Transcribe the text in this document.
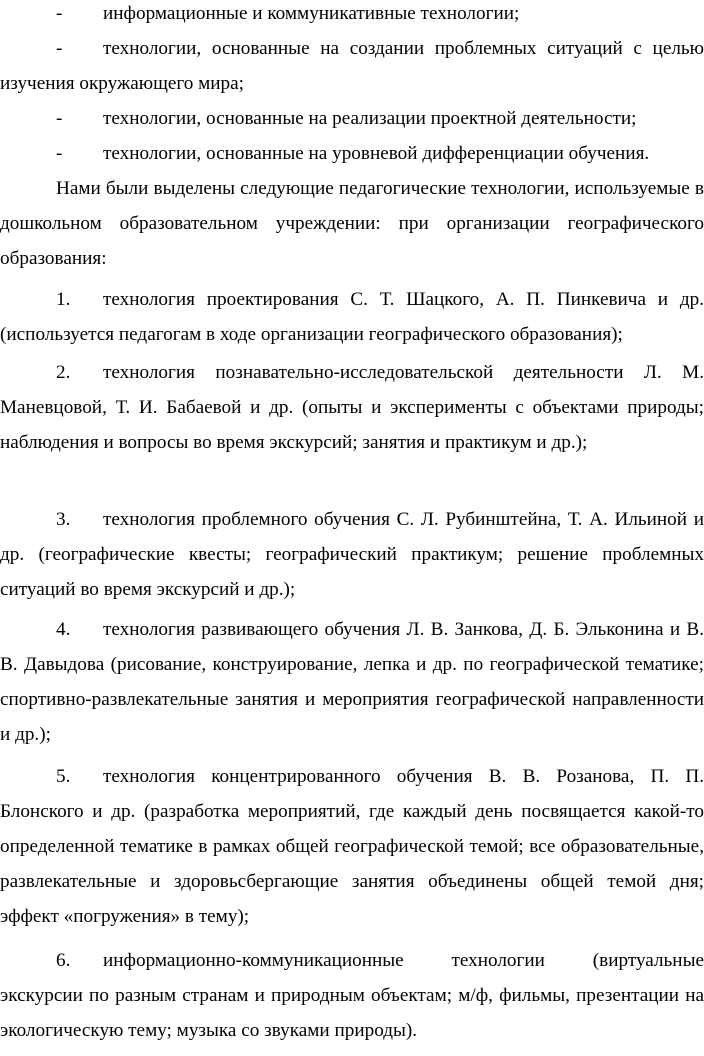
- информационные и коммуникативные технологии;

- технологии, основанные на создании проблемных ситуаций с целью изучения окружающего мира;

- технологии, основанные на реализации проектной деятельности;

- технологии, основанные на уровневой дифференциации обучения.

Нами были выделены следующие педагогические технологии, используемые в дошкольном образовательном учреждении: при организации географического образования:

1. технология проектирования С. Т. Шацкого, А. П. Пинкевича и др. (используется педагогам в ходе организации географического образования);

2. технология познавательно-исследовательской деятельности Л. М. Маневцовой, Т. И. Бабаевой и др. (опыты и эксперименты с объектами природы; наблюдения и вопросы во время экскурсий; занятия и практикум и др.);

3. технология проблемного обучения С. Л. Рубинштейна, Т. А. Ильиной и др. (географические квесты; географический практикум; решение проблемных ситуаций во время экскурсий и др.);

4. технология развивающего обучения Л. В. Занкова, Д. Б. Эльконина и В. В. Давыдова (рисование, конструирование, лепка и др. по географической тематике; спортивно-развлекательные занятия и мероприятия географической направленности и др.);

5. технология концентрированного обучения В. В. Розанова, П. П. Блонского и др. (разработка мероприятий, где каждый день посвящается какой-то определенной тематике в рамках общей географической темой; все образовательные, развлекательные и здоровьсбергающие занятия объединены общей темой дня; эффект «погружения» в тему);

6. информационно-коммуникационные технологии (виртуальные экскурсии по разным странам и природным объектам; м/ф, фильмы, презентации на экологическую тему; музыка со звуками природы).
